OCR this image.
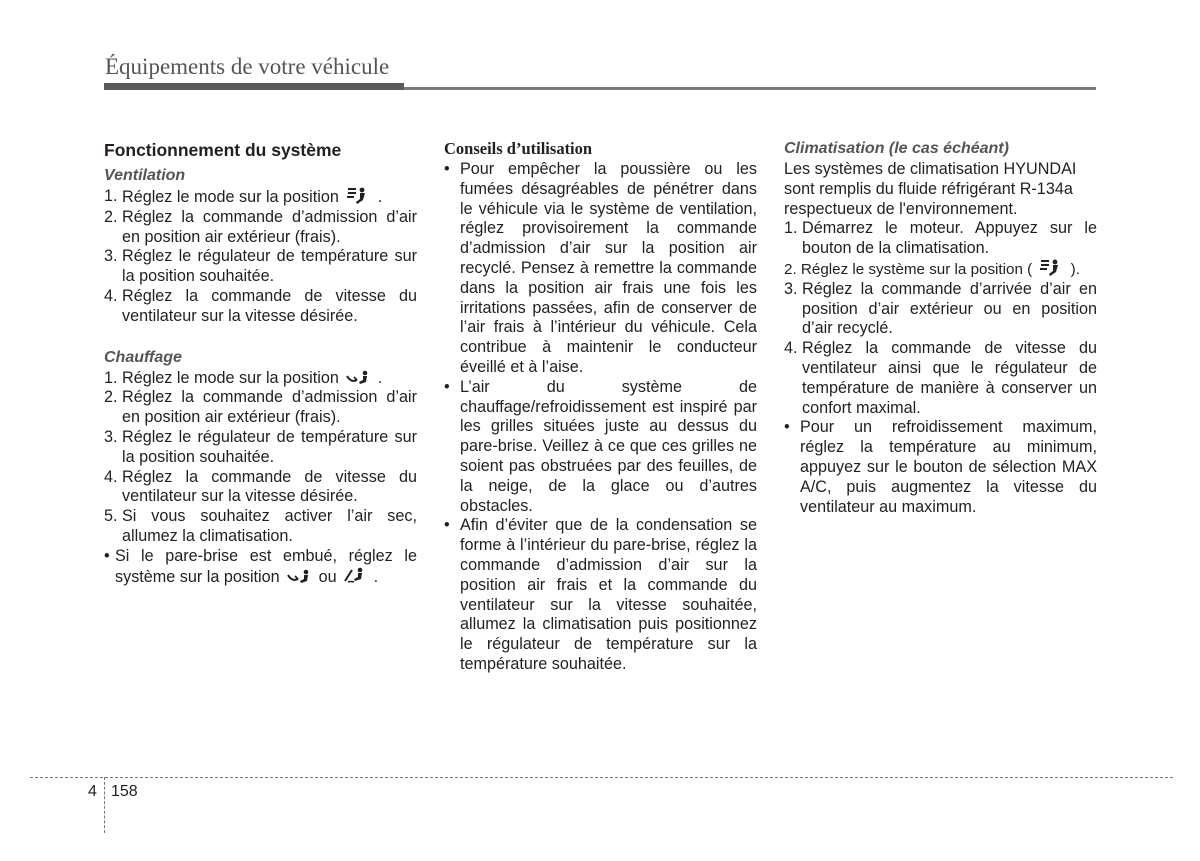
Équipements de votre véhicule
Fonctionnement du système
Ventilation
1. Réglez le mode sur la position .
2. Réglez la commande d’admission d’air en position air extérieur (frais).
3. Réglez le régulateur de température sur la position souhaitée.
4. Réglez la commande de vitesse du ventilateur sur la vitesse désirée.
Chauffage
1. Réglez le mode sur la position .
2. Réglez la commande d’admission d’air en position air extérieur (frais).
3. Réglez le régulateur de température sur la position souhaitée.
4. Réglez la commande de vitesse du ventilateur sur la vitesse désirée.
5. Si vous souhaitez activer l’air sec, allumez la climatisation.
• Si le pare-brise est embué, réglez le système sur la position ou .
Conseils d’utilisation
• Pour empêcher la poussière ou les fumées désagréables de pénétrer dans le véhicule via le système de ventilation, réglez provisoirement la commande d’admission d’air sur la position air recyclé. Pensez à remettre la commande dans la position air frais une fois les irritations passées, afin de conserver de l’air frais à l’intérieur du véhicule. Cela contribue à maintenir le conducteur éveillé et à l’aise.
• L’air du système de chauffage/refroidissement est inspiré par les grilles situées juste au dessus du pare-brise. Veillez à ce que ces grilles ne soient pas obstruées par des feuilles, de la neige, de la glace ou d’autres obstacles.
• Afin d’éviter que de la condensation se forme à l’intérieur du pare-brise, réglez la commande d’admission d’air sur la position air frais et la commande du ventilateur sur la vitesse souhaitée, allumez la climatisation puis positionnez le régulateur de température sur la température souhaitée.
Climatisation (le cas échéant)

Les systèmes de climatisation HYUNDAI sont remplis du fluide réfrigérant R-134a respectueux de l'environnement.

1. Démarrez le moteur. Appuyez sur le bouton de la climatisation.
2. Réglez le système sur la position (	).
3. Réglez la commande d’arrivée d’air en position d’air extérieur ou en position d’air recyclé.
4. Réglez la commande de vitesse du ventilateur ainsi que le régulateur de température de manière à conserver un confort maximal.
• Pour un refroidissement maximum, réglez la température au minimum, appuyez sur le bouton de sélection MAX A/C, puis augmentez la vitesse du ventilateur au maximum.
4 158
